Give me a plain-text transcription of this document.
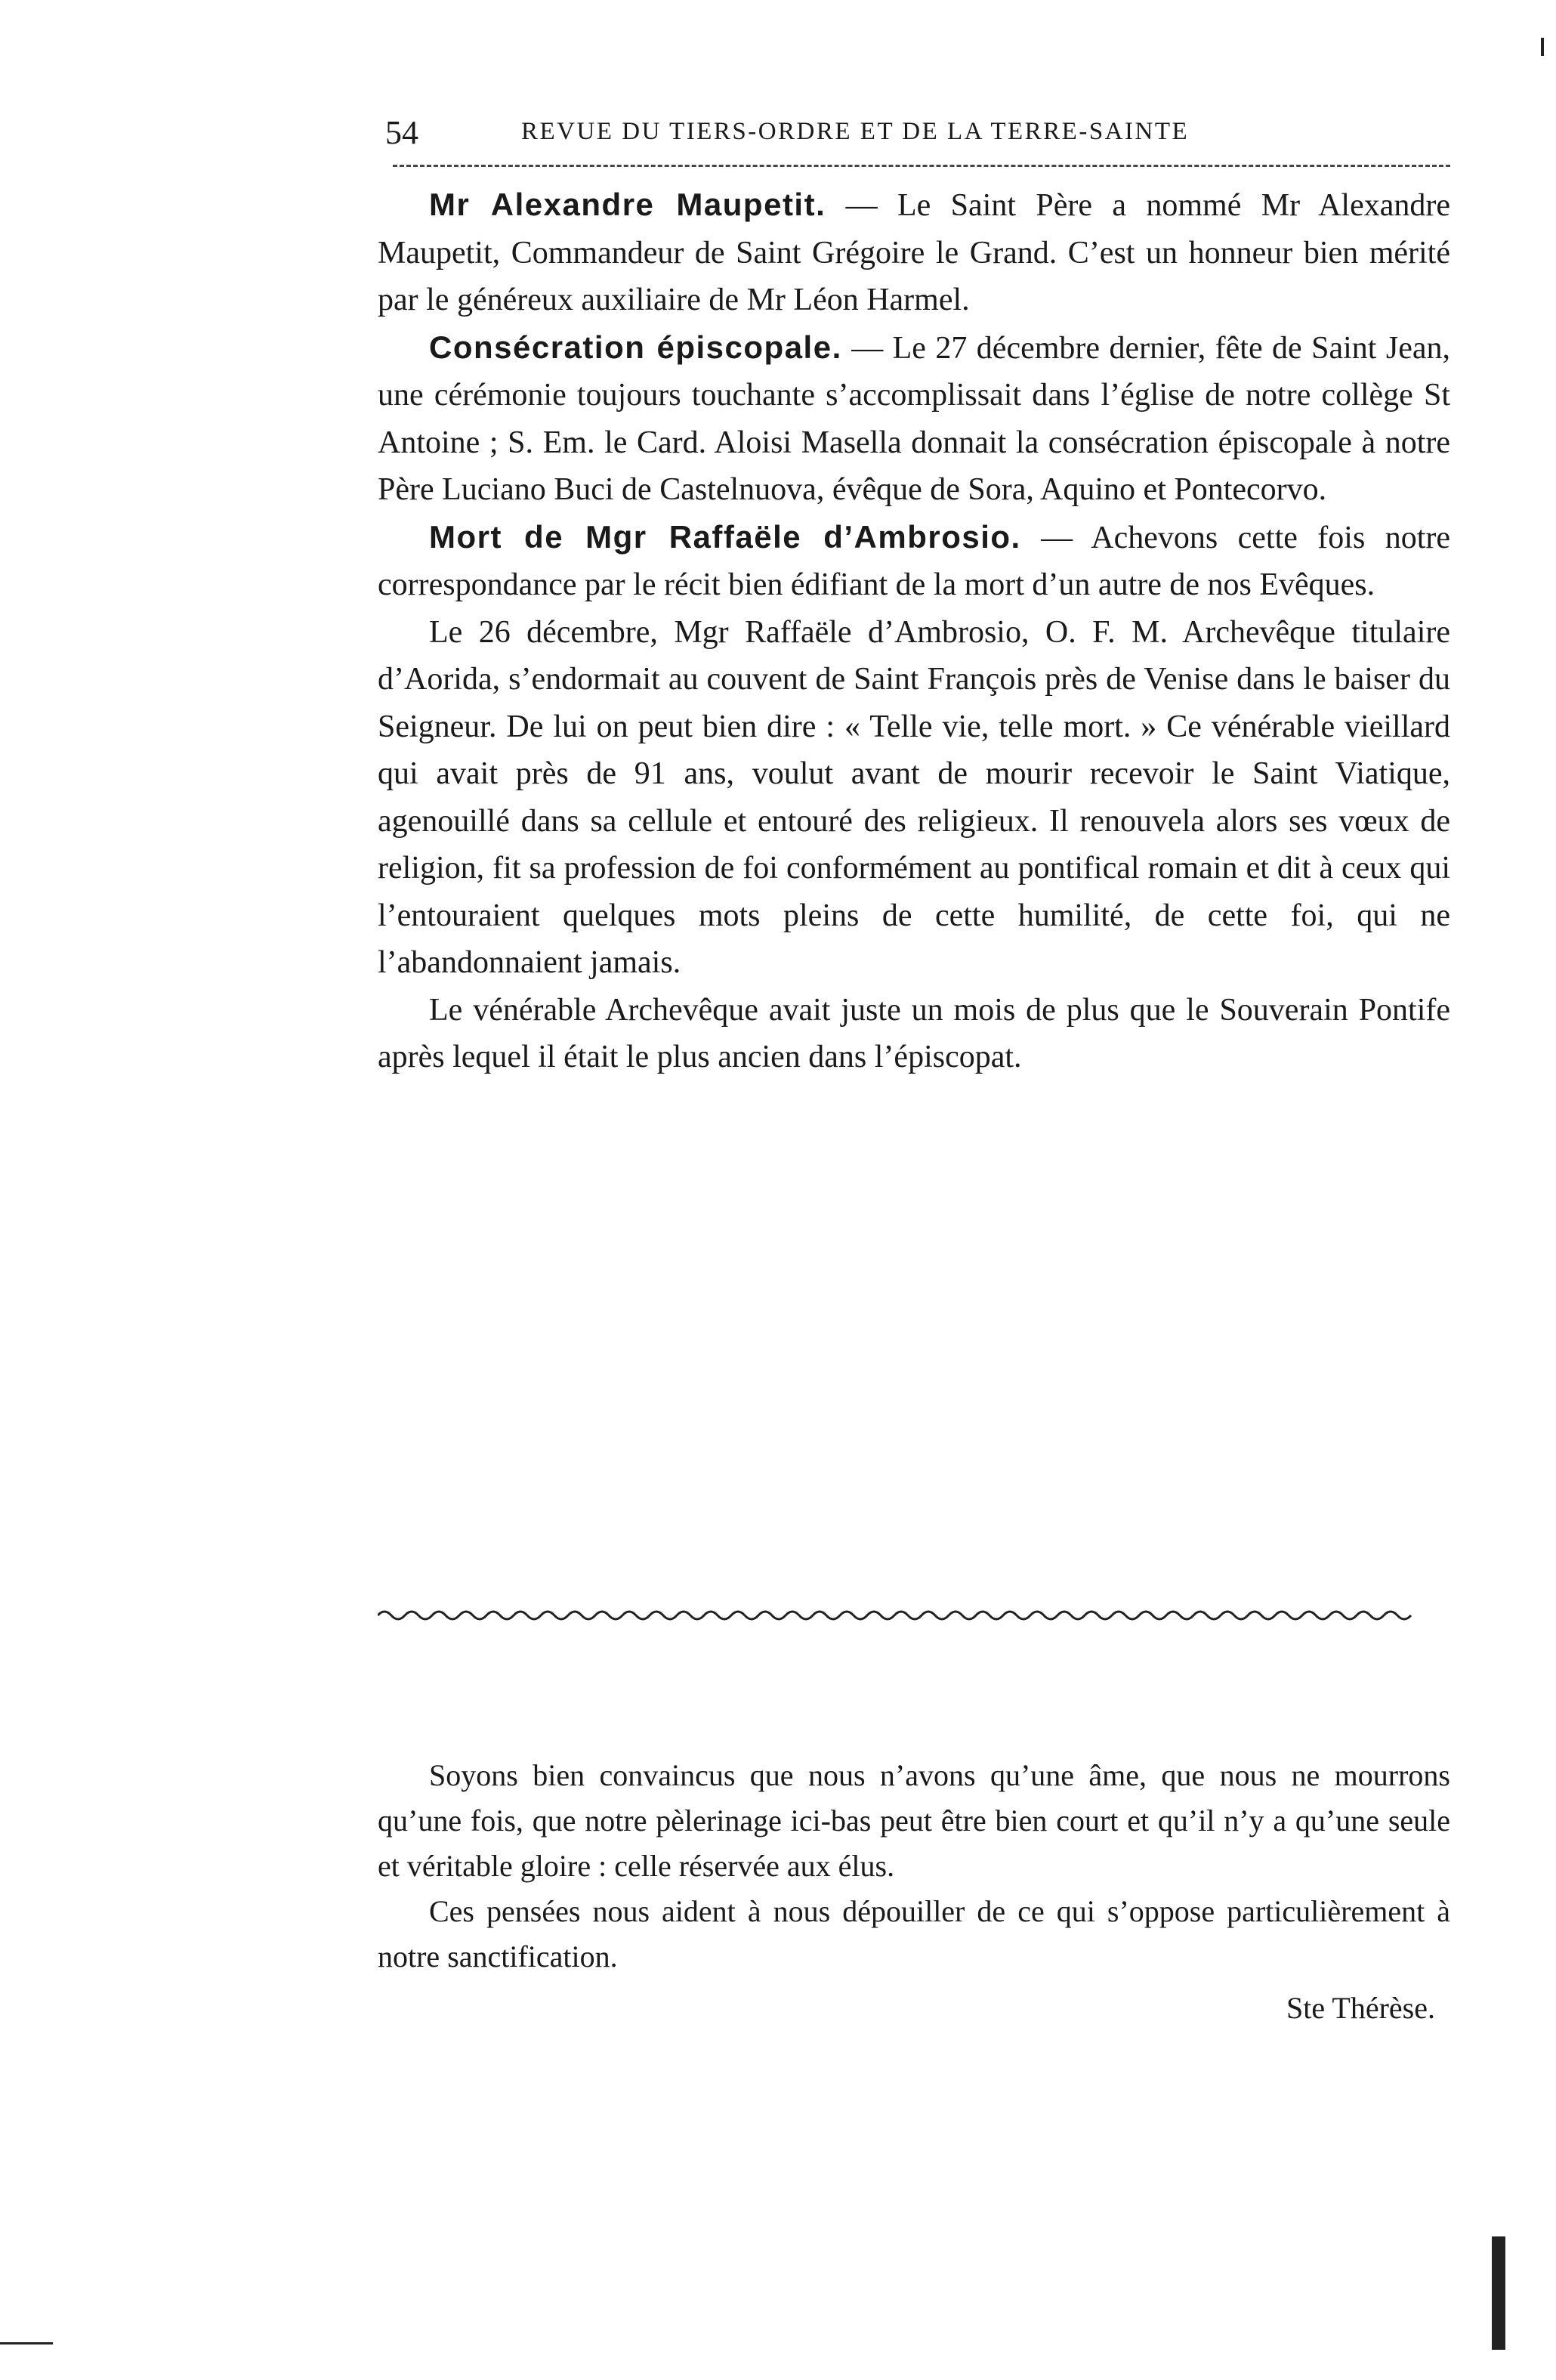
54	REVUE DU TIERS-ORDRE ET DE LA TERRE-SAINTE

Mr Alexandre Maupetit. — Le Saint Père a nommé Mr Alexandre Maupetit, Commandeur de Saint Grégoire le Grand. C’est un honneur bien mérité par le généreux auxiliaire de Mr Léon Harmel.

Consécration épiscopale. — Le 27 décembre dernier, fête de Saint Jean, une cérémonie toujours touchante s’accomplissait dans l’église de notre collège St Antoine ; S. Em. le Card. Aloisi Masella donnait la consécration épiscopale à notre Père Luciano Buci de Castelnuova, évêque de Sora, Aquino et Pontecorvo.

Mort de Mgr Raffaële d’Ambrosio. — Achevons cette fois notre correspondance par le récit bien édifiant de la mort d’un autre de nos Evêques.

Le 26 décembre, Mgr Raffaële d’Ambrosio, O. F. M. Archevêque titulaire d’Aorida, s’endormait au couvent de Saint François près de Venise dans le baiser du Seigneur. De lui on peut bien dire : « Telle vie, telle mort. » Ce vénérable vieillard qui avait près de 91 ans, voulut avant de mourir recevoir le Saint Viatique, agenouillé dans sa cellule et entouré des religieux. Il renouvela alors ses vœux de religion, fit sa profession de foi conformément au pontifical romain et dit à ceux qui l’entouraient quelques mots pleins de cette humilité, de cette foi, qui ne l’abandonnaient jamais.

Le vénérable Archevêque avait juste un mois de plus que le Souverain Pontife après lequel il était le plus ancien dans l’épiscopat.

Soyons bien convaincus que nous n’avons qu’une âme, que nous ne mourrons qu’une fois, que notre pèlerinage ici-bas peut être bien court et qu’il n’y a qu’une seule et véritable gloire : celle réservée aux élus.

Ces pensées nous aident à nous dépouiller de ce qui s’oppose particulièrement à notre sanctification.

Ste Thérèse.
